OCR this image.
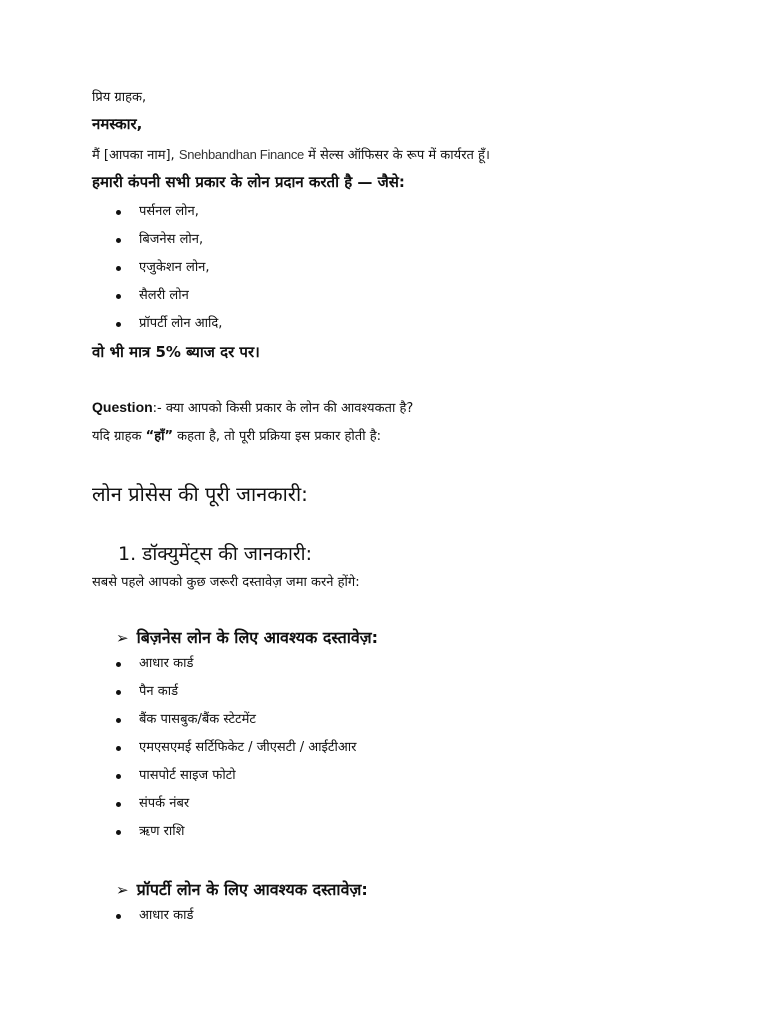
प्रिय ग्राहक,
नमस्कार,
मैं [आपका नाम], Snehbandhan Finance में सेल्स ऑफिसर के रूप में कार्यरत हूँ।
हमारी कंपनी सभी प्रकार के लोन प्रदान करती है — जैसे:
पर्सनल लोन,
बिजनेस लोन,
एजुकेशन लोन,
सैलरी लोन
प्रॉपर्टी लोन आदि,
वो भी मात्र 5% ब्याज दर पर।
Question:- क्या आपको किसी प्रकार के लोन की आवश्यकता है?
यदि ग्राहक “हाँ” कहता है, तो पूरी प्रक्रिया इस प्रकार होती है:
लोन प्रोसेस की पूरी जानकारी:
1. डॉक्युमेंट्स की जानकारी:
सबसे पहले आपको कुछ जरूरी दस्तावेज़ जमा करने होंगे:
➢ बिज़नेस लोन के लिए आवश्यक दस्तावेज़:
आधार कार्ड
पैन कार्ड
बैंक पासबुक/बैंक स्टेटमेंट
एमएसएमई सर्टिफिकेट / जीएसटी / आईटीआर
पासपोर्ट साइज फोटो
संपर्क नंबर
ऋण राशि
➢ प्रॉपर्टी लोन के लिए आवश्यक दस्तावेज़:
आधार कार्ड
